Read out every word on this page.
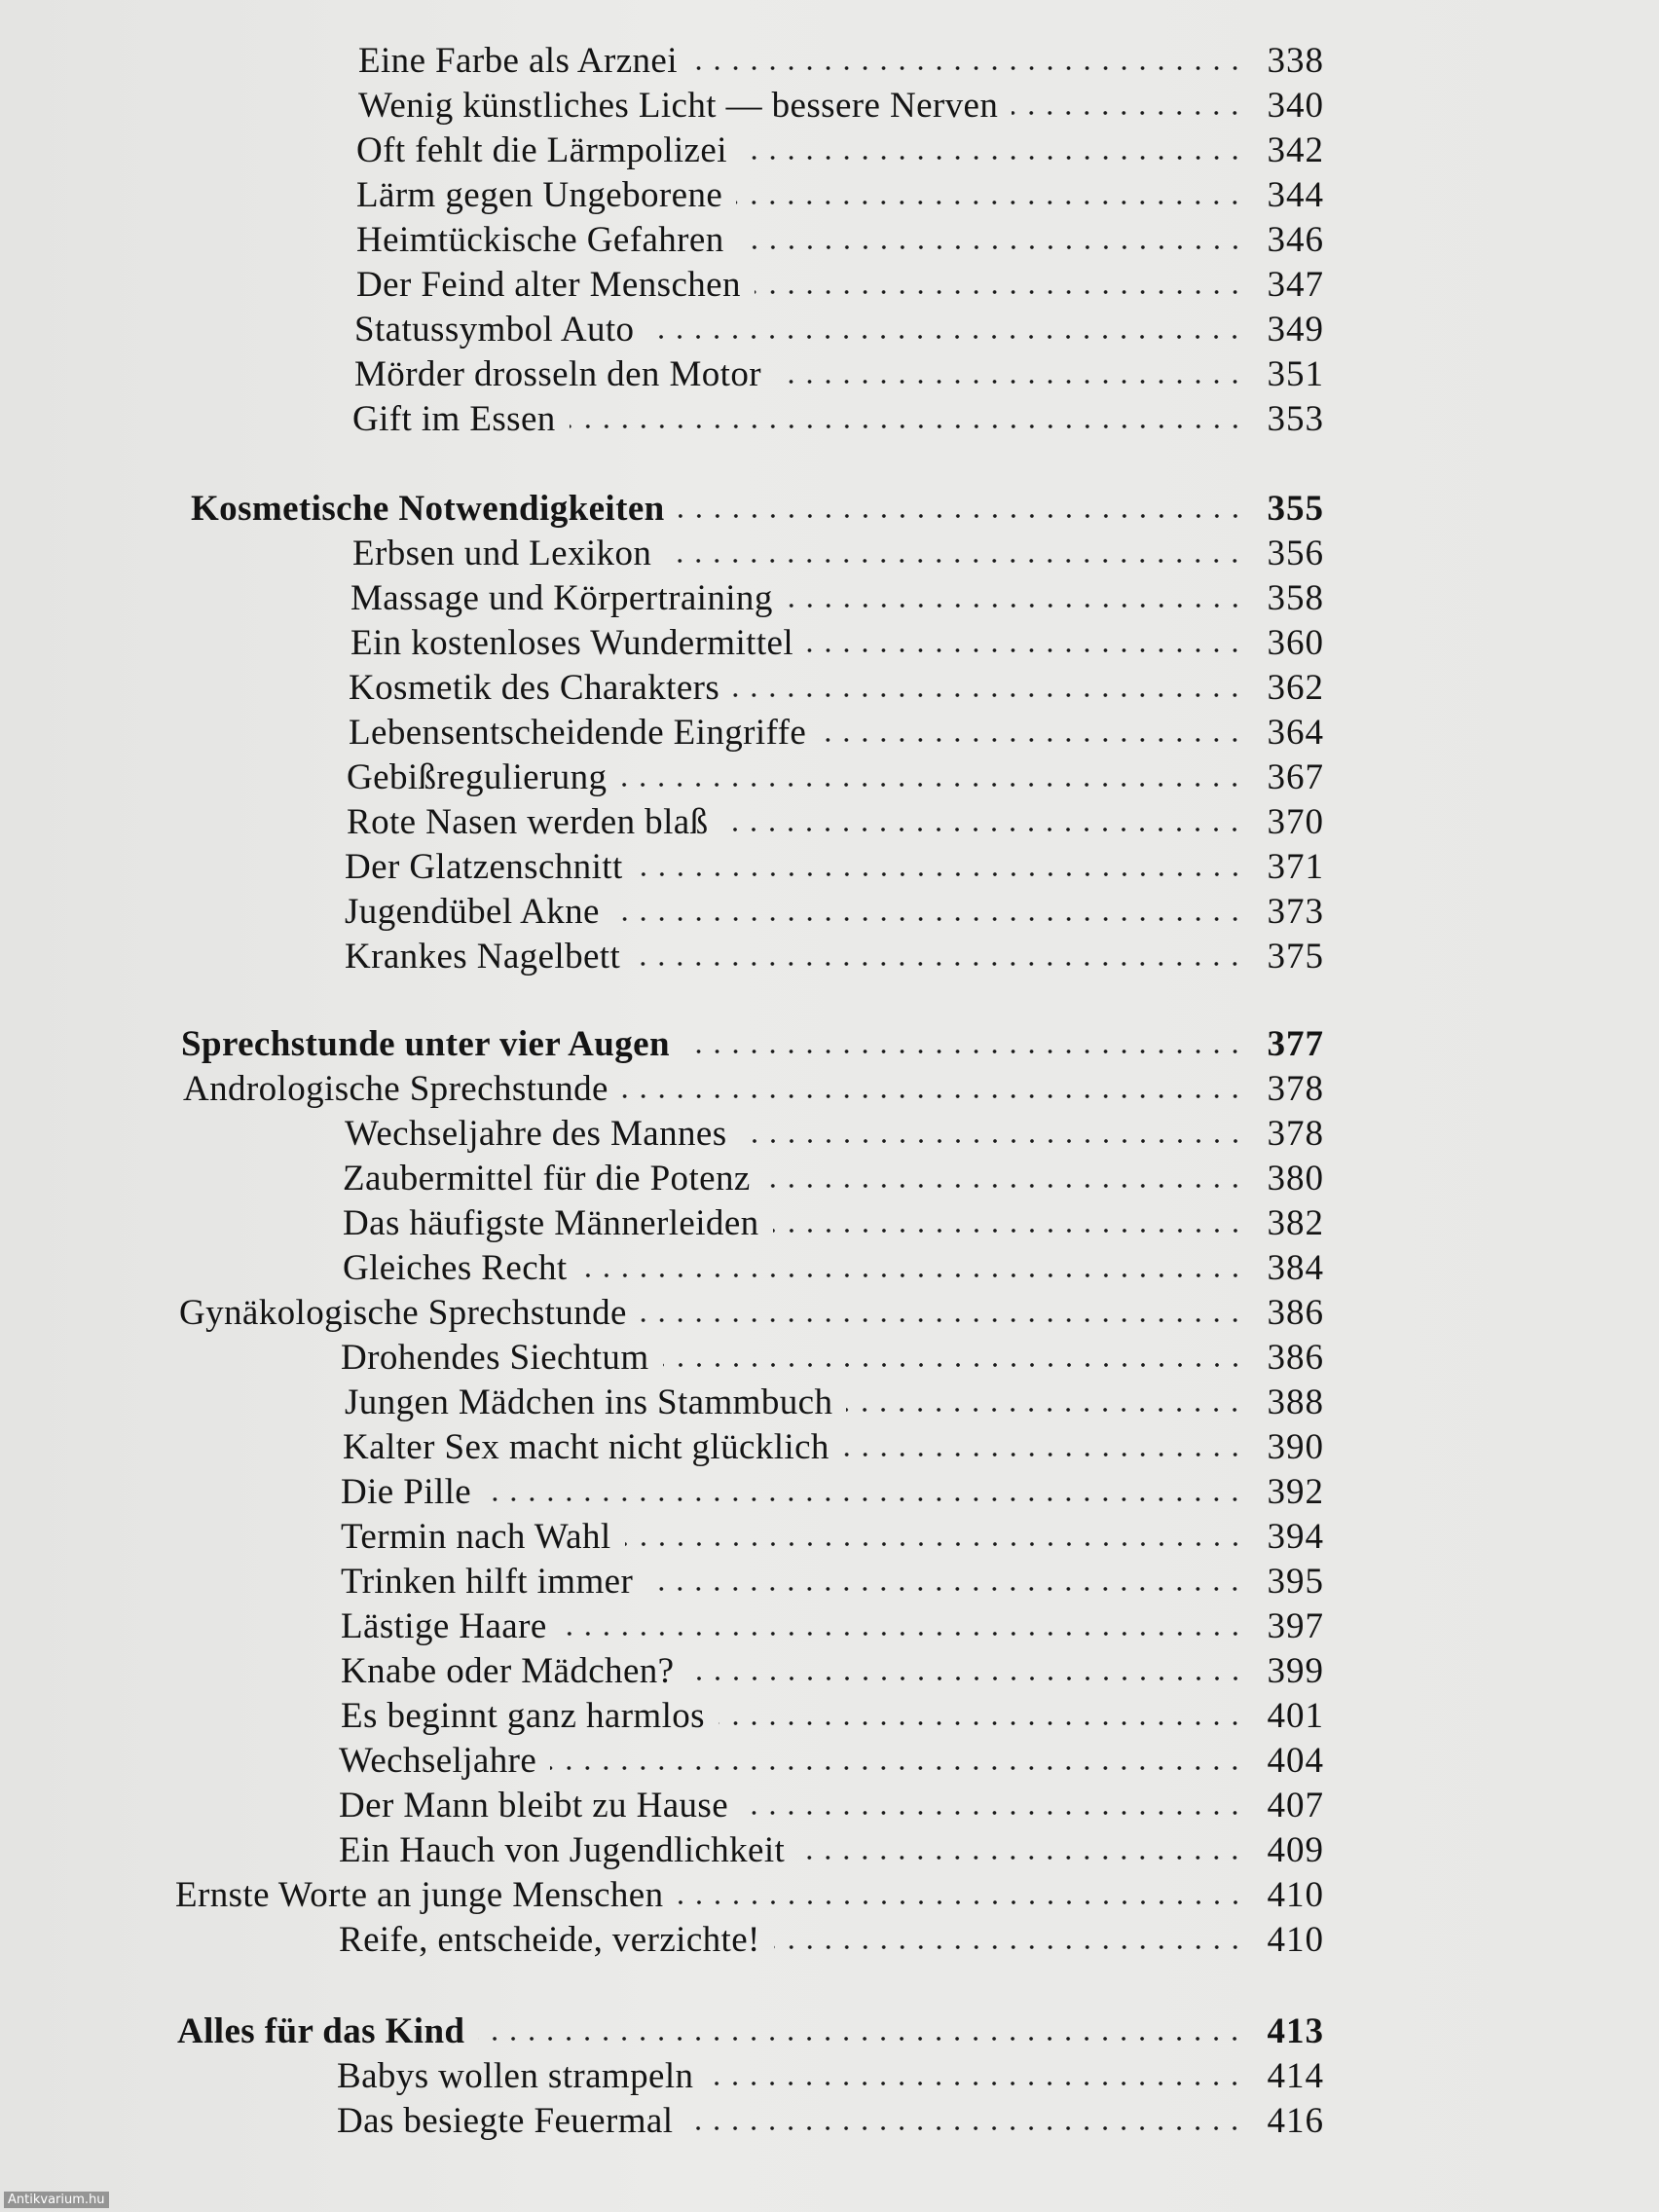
Eine Farbe als Arznei	338
Wenig künstliches Licht — bessere Nerven	340
Oft fehlt die Lärmpolizei	342
Lärm gegen Ungeborene	344
Heimtückische Gefahren	346
Der Feind alter Menschen	347
Statussymbol Auto	349
Mörder drosseln den Motor	351
Gift im Essen	353
Kosmetische Notwendigkeiten	355
Erbsen und Lexikon	356
Massage und Körpertraining	358
Ein kostenloses Wundermittel	360
Kosmetik des Charakters	362
Lebensentscheidende Eingriffe	364
Gebißregulierung	367
Rote Nasen werden blaß	370
Der Glatzenschnitt	371
Jugendübel Akne	373
Krankes Nagelbett	375
Sprechstunde unter vier Augen	377
Andrologische Sprechstunde	378
Wechseljahre des Mannes	378
Zaubermittel für die Potenz	380
Das häufigste Männerleiden	382
Gleiches Recht	384
Gynäkologische Sprechstunde	386
Drohendes Siechtum	386
Jungen Mädchen ins Stammbuch	388
Kalter Sex macht nicht glücklich	390
Die Pille	392
Termin nach Wahl	394
Trinken hilft immer	395
Lästige Haare	397
Knabe oder Mädchen?	399
Es beginnt ganz harmlos	401
Wechseljahre	404
Der Mann bleibt zu Hause	407
Ein Hauch von Jugendlichkeit	409
Ernste Worte an junge Menschen	410
Reife, entscheide, verzichte!	410
Alles für das Kind	413
Babys wollen strampeln	414
Das besiegte Feuermal	416
Antikvarium.hu
